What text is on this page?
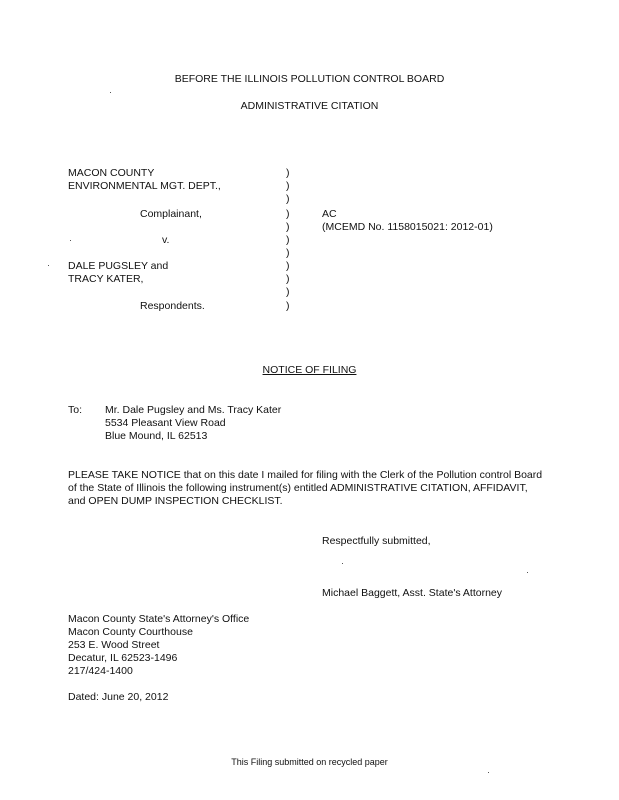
BEFORE THE ILLINOIS POLLUTION CONTROL BOARD
ADMINISTRATIVE CITATION
MACON COUNTY
ENVIRONMENTAL MGT. DEPT.,
Complainant,
v.
DALE PUGSLEY and
TRACY KATER,
Respondents.
)
)
)
)
)
)
)
)
)
)
)
AC
(MCEMD No. 1158015021: 2012-01)
NOTICE OF FILING
To: Mr. Dale Pugsley and Ms. Tracy Kater
5534 Pleasant View Road
Blue Mound, IL 62513
PLEASE TAKE NOTICE that on this date I mailed for filing with the Clerk of the Pollution control Board of the State of Illinois the following instrument(s) entitled ADMINISTRATIVE CITATION, AFFIDAVIT, and OPEN DUMP INSPECTION CHECKLIST.
Respectfully submitted,
Michael Baggett, Asst. State's Attorney
Macon County State's Attorney's Office
Macon County Courthouse
253 E. Wood Street
Decatur, IL 62523-1496
217/424-1400
Dated: June 20, 2012
This Filing submitted on recycled paper
